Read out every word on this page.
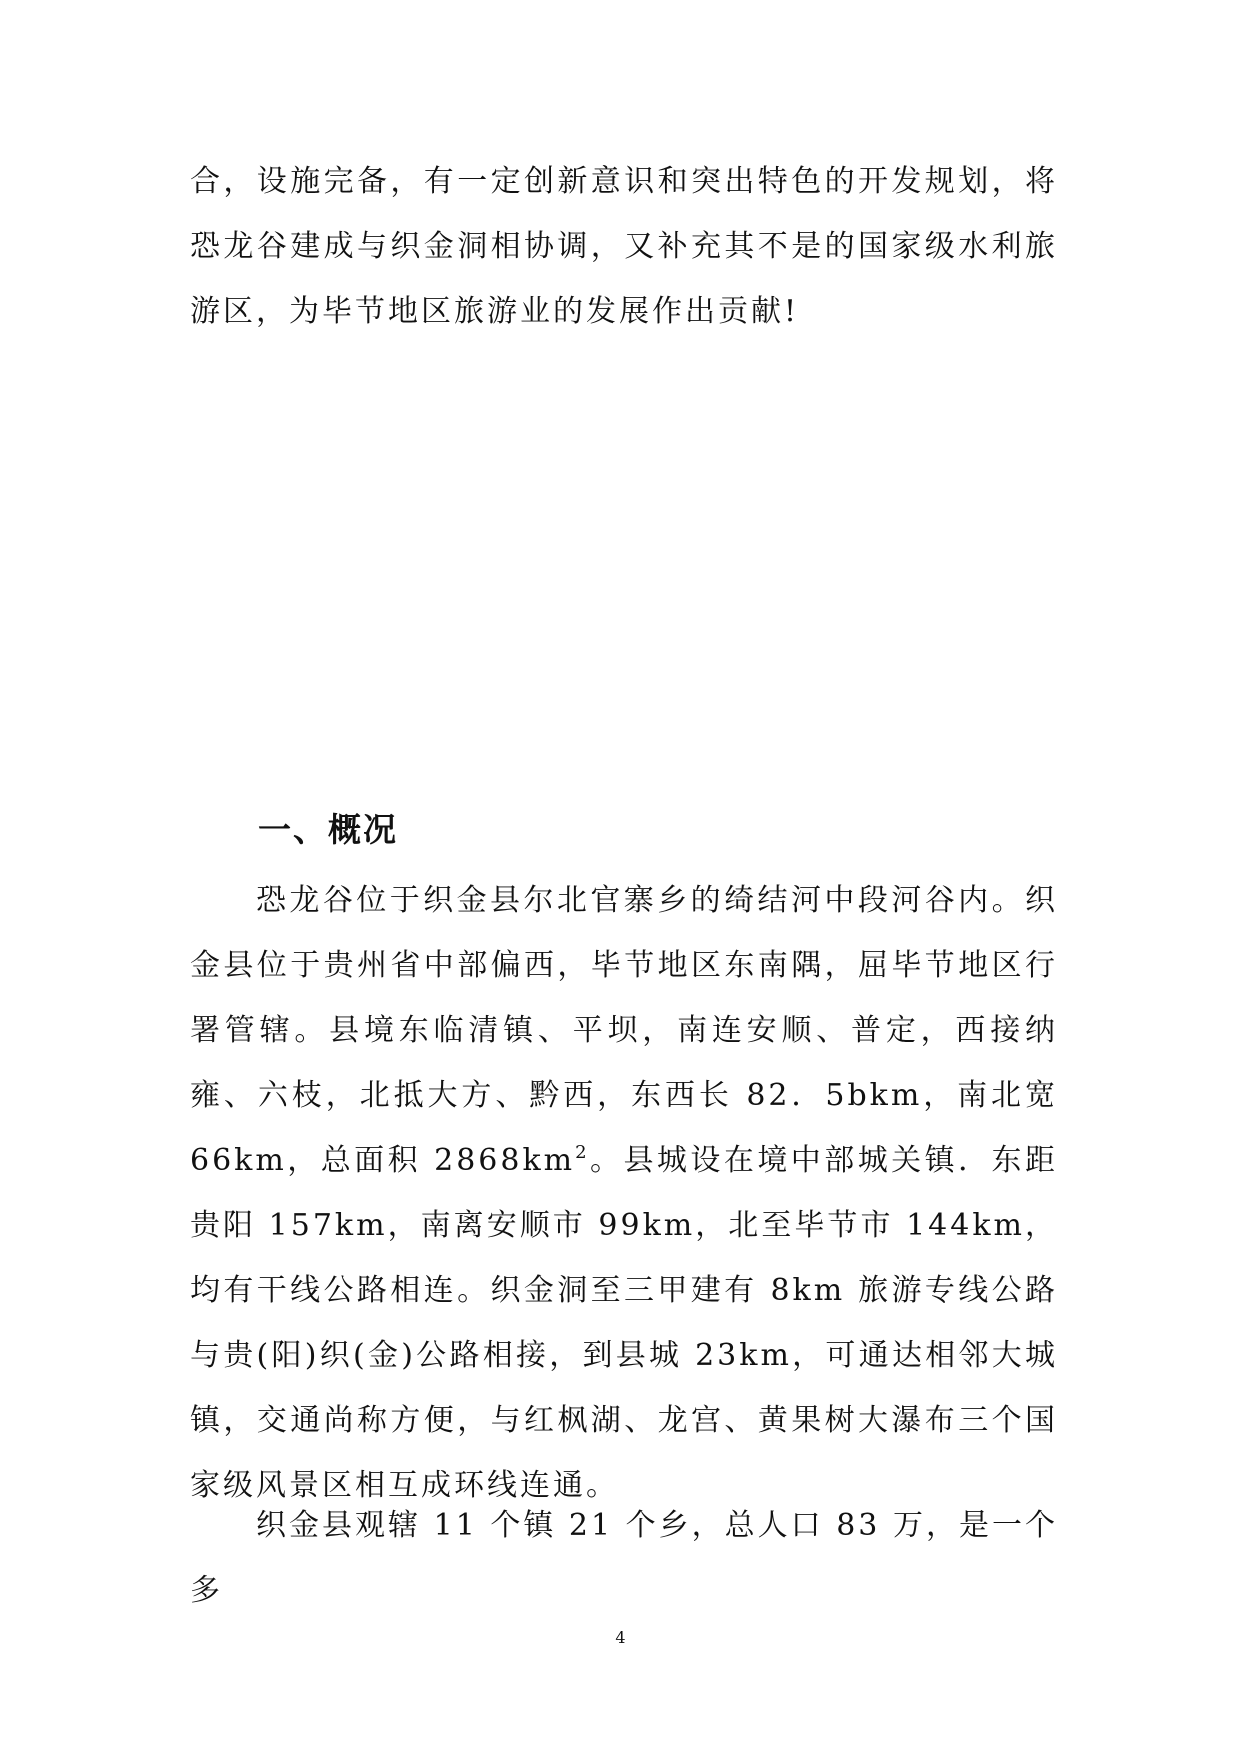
合，设施完备，有一定创新意识和突出特色的开发规划，将恐龙谷建成与织金洞相协调，又补充其不是的国家级水利旅游区，为毕节地区旅游业的发展作出贡献!

一、概况

恐龙谷位于织金县尔北官寨乡的绮结河中段河谷内。织金县位于贵州省中部偏西，毕节地区东南隅，屈毕节地区行署管辖。县境东临清镇、平坝，南连安顺、普定，西接纳雍、六枝，北抵大方、黔西，东西长 82．5bkm，南北宽 66km，总面积 $2868km^2$。县城设在境中部城关镇．东距贵阳 157km，南离安顺市 99km，北至毕节市 144km，均有干线公路相连。织金洞至三甲建有 8km 旅游专线公路与贵(阳)织(金)公路相接，到县城 23km，可通达相邻大城镇，交通尚称方便，与红枫湖、龙宫、黄果树大瀑布三个国家级风景区相互成环线连通。

织金县观辖 11 个镇 21 个乡，总人口 83 万，是一个多

4
